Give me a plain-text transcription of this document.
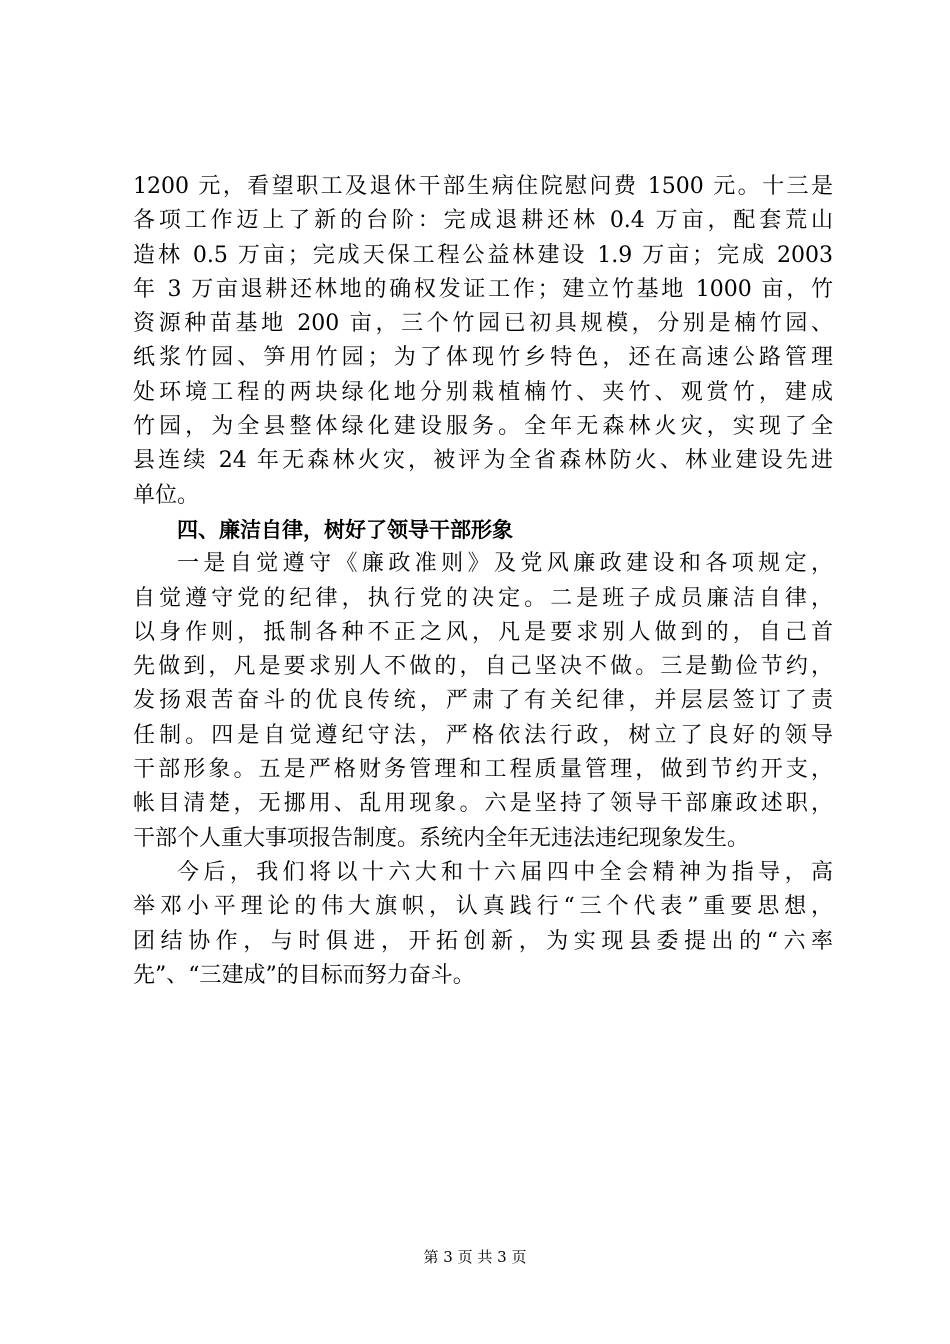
1200 元，看望职工及退休干部生病住院慰问费 1500 元。十三是
各项工作迈上了新的台阶：完成退耕还林 0.4 万亩，配套荒山
造林 0.5 万亩；完成天保工程公益林建设 1.9 万亩；完成 2003
年 3 万亩退耕还林地的确权发证工作；建立竹基地 1000 亩，竹
资源种苗基地 200 亩，三个竹园已初具规模，分别是楠竹园、
纸浆竹园、笋用竹园；为了体现竹乡特色，还在高速公路管理
处环境工程的两块绿化地分别栽植楠竹、夹竹、观赏竹，建成
竹园，为全县整体绿化建设服务。全年无森林火灾，实现了全
县连续 24 年无森林火灾，被评为全省森林防火、林业建设先进
单位。
四、廉洁自律，树好了领导干部形象
一是自觉遵守《廉政准则》及党风廉政建设和各项规定，
自觉遵守党的纪律，执行党的决定。二是班子成员廉洁自律，
以身作则，抵制各种不正之风，凡是要求别人做到的，自己首
先做到，凡是要求别人不做的，自己坚决不做。三是勤俭节约，
发扬艰苦奋斗的优良传统，严肃了有关纪律，并层层签订了责
任制。四是自觉遵纪守法，严格依法行政，树立了良好的领导
干部形象。五是严格财务管理和工程质量管理，做到节约开支，
帐目清楚，无挪用、乱用现象。六是坚持了领导干部廉政述职，
干部个人重大事项报告制度。系统内全年无违法违纪现象发生。
今后，我们将以十六大和十六届四中全会精神为指导，高
举邓小平理论的伟大旗帜，认真践行“三个代表”重要思想，
团结协作，与时俱进，开拓创新，为实现县委提出的“六率
先”、“三建成”的目标而努力奋斗。
第 3 页 共 3 页
